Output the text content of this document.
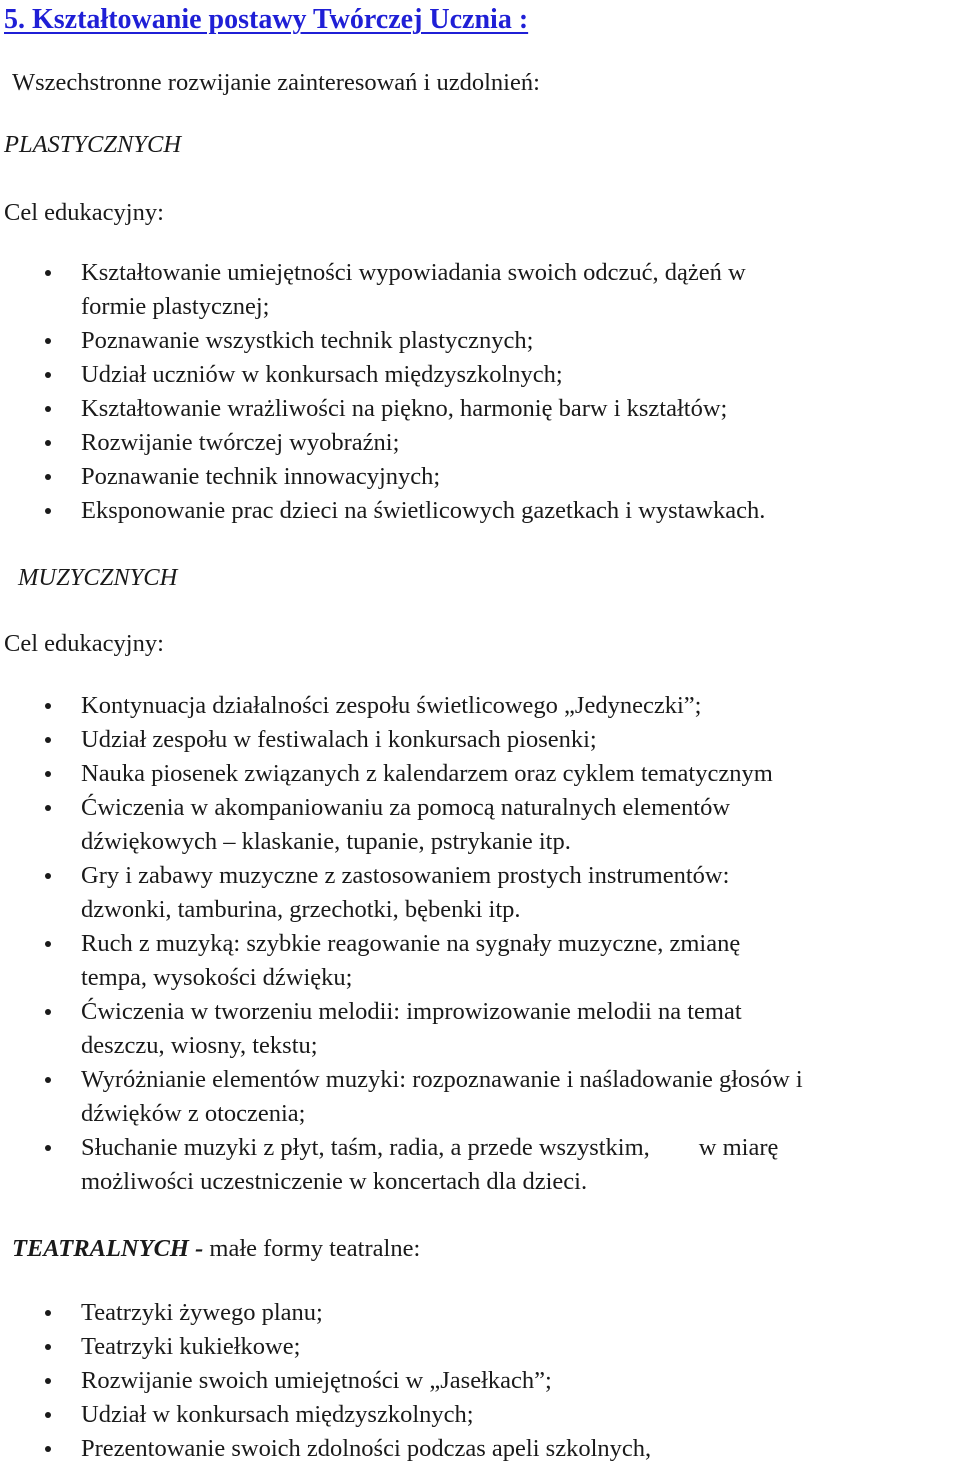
5. Kształtowanie postawy Twórczej Ucznia :
Wszechstronne rozwijanie zainteresowań i uzdolnień:
PLASTYCZNYCH
Cel edukacyjny:
Kształtowanie umiejętności wypowiadania swoich odczuć, dążeń w
formie plastycznej;
Poznawanie wszystkich technik plastycznych;
Udział uczniów w konkursach międzyszkolnych;
Kształtowanie wrażliwości na piękno, harmonię barw i kształtów;
Rozwijanie twórczej wyobraźni;
Poznawanie technik innowacyjnych;
Eksponowanie prac dzieci na świetlicowych gazetkach i wystawkach.
MUZYCZNYCH
Cel edukacyjny:
Kontynuacja działalności zespołu świetlicowego „Jedyneczki”;
Udział zespołu w festiwalach i konkursach piosenki;
Nauka piosenek związanych z kalendarzem oraz cyklem tematycznym
Ćwiczenia w akompaniowaniu za pomocą naturalnych elementów
dźwiękowych – klaskanie, tupanie, pstrykanie itp.
Gry i zabawy muzyczne z zastosowaniem prostych instrumentów:
dzwonki, tamburina, grzechotki, bębenki itp.
Ruch z muzyką: szybkie reagowanie na sygnały muzyczne, zmianę
tempa, wysokości dźwięku;
Ćwiczenia w tworzeniu melodii: improwizowanie melodii na temat
deszczu, wiosny, tekstu;
Wyróżnianie elementów muzyki: rozpoznawanie i naśladowanie głosów i
dźwięków z otoczenia;
Słuchanie muzyki z płyt, taśm, radia, a przede wszystkim,        w miarę
możliwości uczestniczenie w koncertach dla dzieci.
TEATRALNYCH - małe formy teatralne:
Teatrzyki żywego planu;
Teatrzyki kukiełkowe;
Rozwijanie swoich umiejętności w „Jasełkach”;
Udział w konkursach międzyszkolnych;
Prezentowanie swoich zdolności podczas apeli szkolnych,
